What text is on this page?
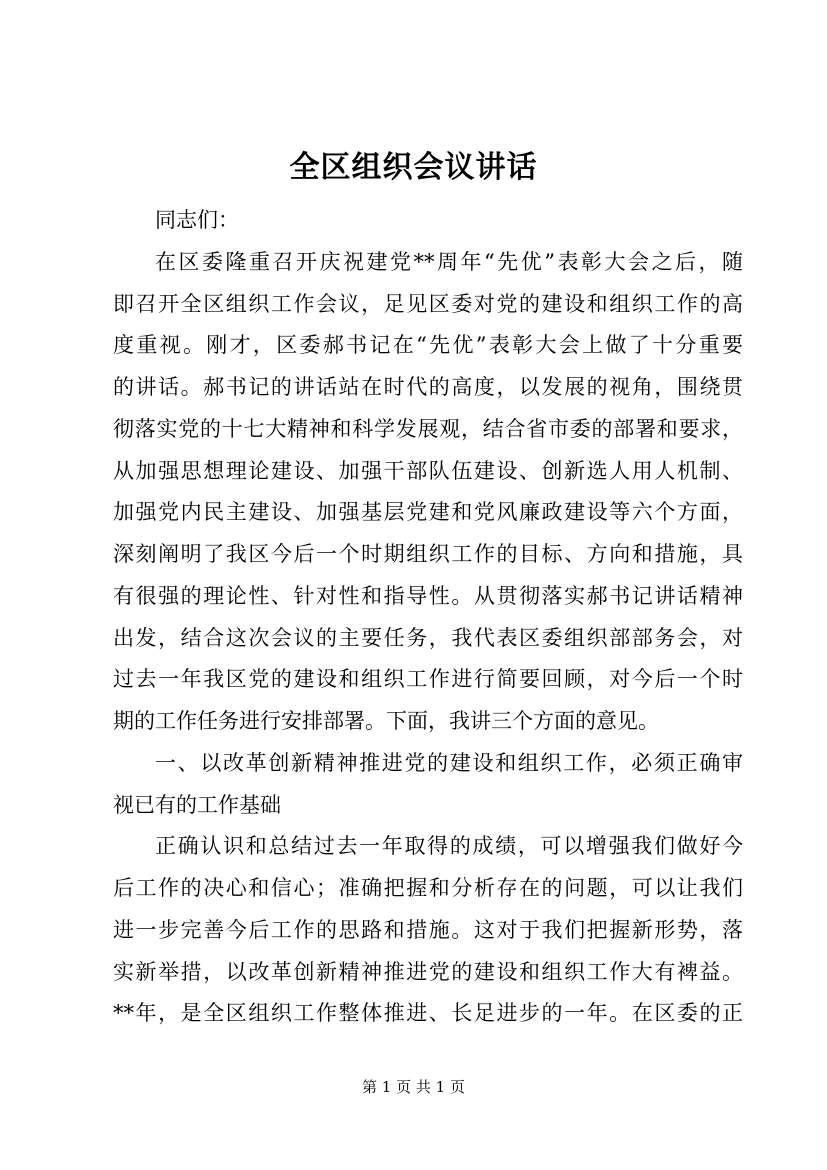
全区组织会议讲话
同志们：
在区委隆重召开庆祝建党**周年“先优”表彰大会之后，随
即召开全区组织工作会议，足见区委对党的建设和组织工作的高
度重视。刚才，区委郝书记在“先优”表彰大会上做了十分重要
的讲话。郝书记的讲话站在时代的高度，以发展的视角，围绕贯
彻落实党的十七大精神和科学发展观，结合省市委的部署和要求，
从加强思想理论建设、加强干部队伍建设、创新选人用人机制、
加强党内民主建设、加强基层党建和党风廉政建设等六个方面，
深刻阐明了我区今后一个时期组织工作的目标、方向和措施，具
有很强的理论性、针对性和指导性。从贯彻落实郝书记讲话精神
出发，结合这次会议的主要任务，我代表区委组织部部务会，对
过去一年我区党的建设和组织工作进行简要回顾，对今后一个时
期的工作任务进行安排部署。下面，我讲三个方面的意见。
一、以改革创新精神推进党的建设和组织工作，必须正确审
视已有的工作基础
正确认识和总结过去一年取得的成绩，可以增强我们做好今
后工作的决心和信心；准确把握和分析存在的问题，可以让我们
进一步完善今后工作的思路和措施。这对于我们把握新形势，落
实新举措，以改革创新精神推进党的建设和组织工作大有裨益。
**年，是全区组织工作整体推进、长足进步的一年。在区委的正
第 1 页 共 1 页
